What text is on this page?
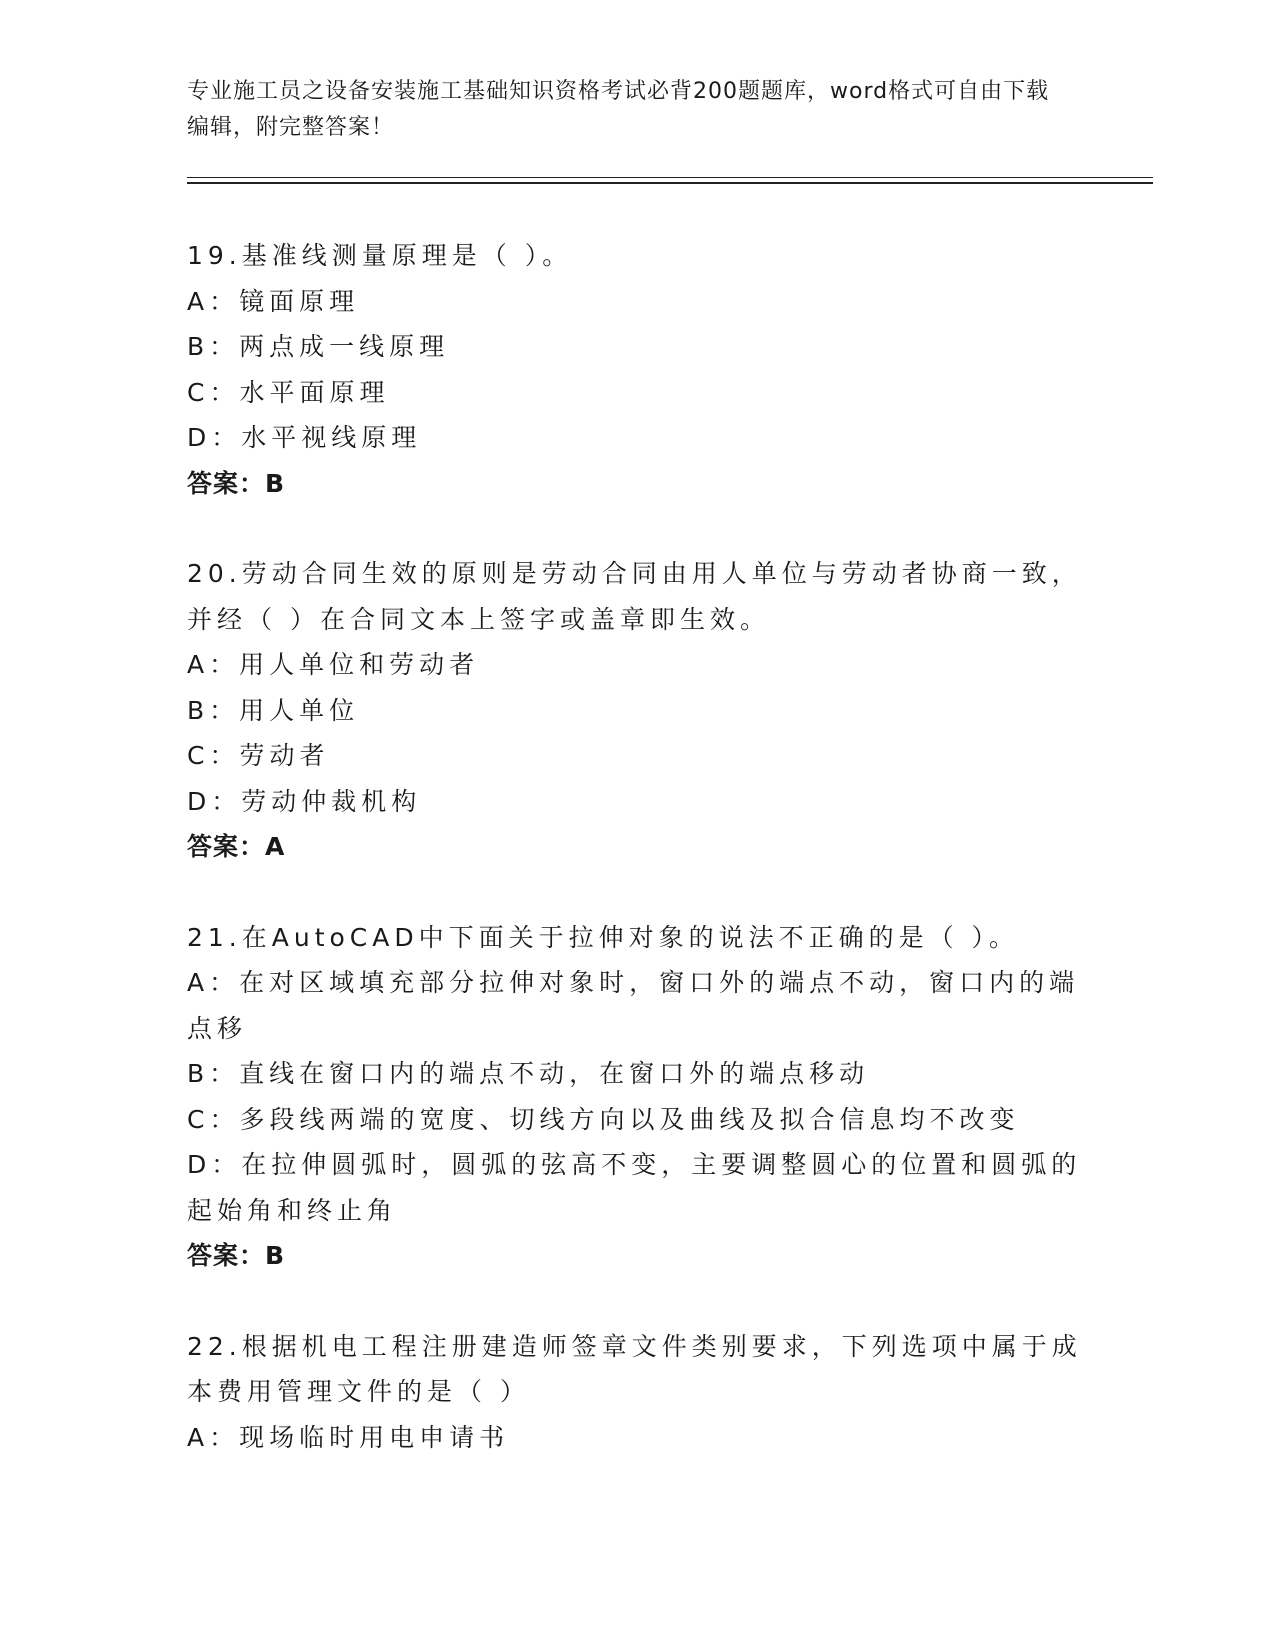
专业施工员之设备安装施工基础知识资格考试必背200题题库，word格式可自由下载编辑，附完整答案！

19.基准线测量原理是（ ）。

A：镜面原理

B：两点成一线原理

C：水平面原理

D：水平视线原理

答案：B

20.劳动合同生效的原则是劳动合同由用人单位与劳动者协商一致，并经（ ）在合同文本上签字或盖章即生效。

A：用人单位和劳动者

B：用人单位

C：劳动者

D：劳动仲裁机构

答案：A

21.在AutoCAD中下面关于拉伸对象的说法不正确的是（ ）。

A：在对区域填充部分拉伸对象时，窗口外的端点不动，窗口内的端点移

B：直线在窗口内的端点不动，在窗口外的端点移动

C：多段线两端的宽度、切线方向以及曲线及拟合信息均不改变

D：在拉伸圆弧时，圆弧的弦高不变，主要调整圆心的位置和圆弧的起始角和终止角

答案：B

22.根据机电工程注册建造师签章文件类别要求，下列选项中属于成本费用管理文件的是（ ）

A：现场临时用电申请书
